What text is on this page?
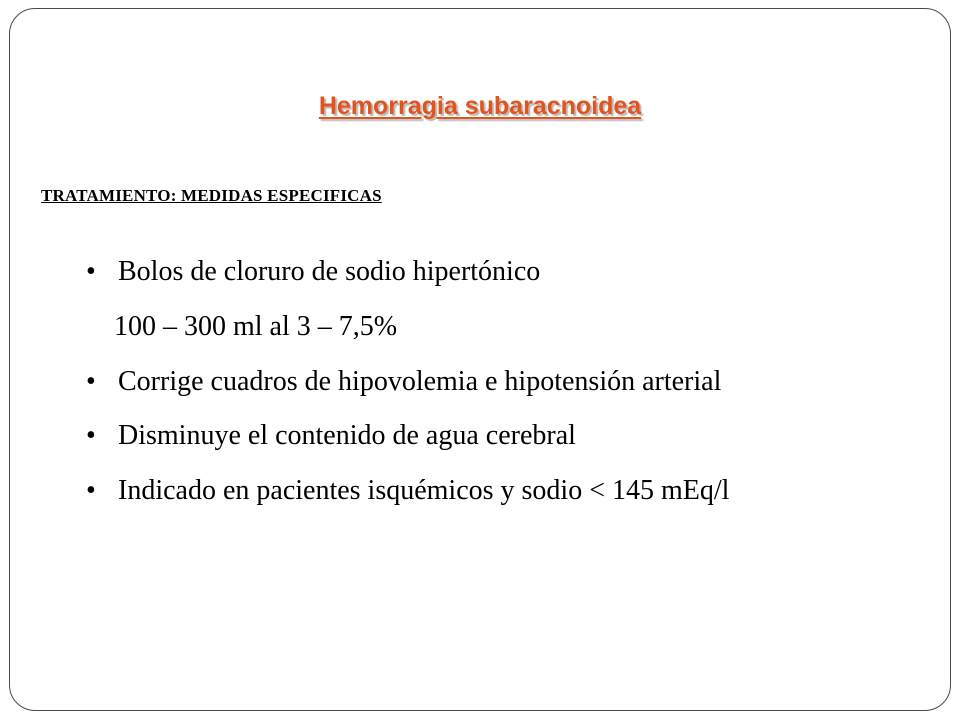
Hemorragia subaracnoidea
TRATAMIENTO: MEDIDAS ESPECIFICAS
• Bolos de cloruro de sodio hipertónico
100 – 300 ml al 3 – 7,5%
• Corrige cuadros de hipovolemia e hipotensión arterial
• Disminuye el contenido de agua cerebral
• Indicado en pacientes isquémicos y sodio < 145 mEq/l
